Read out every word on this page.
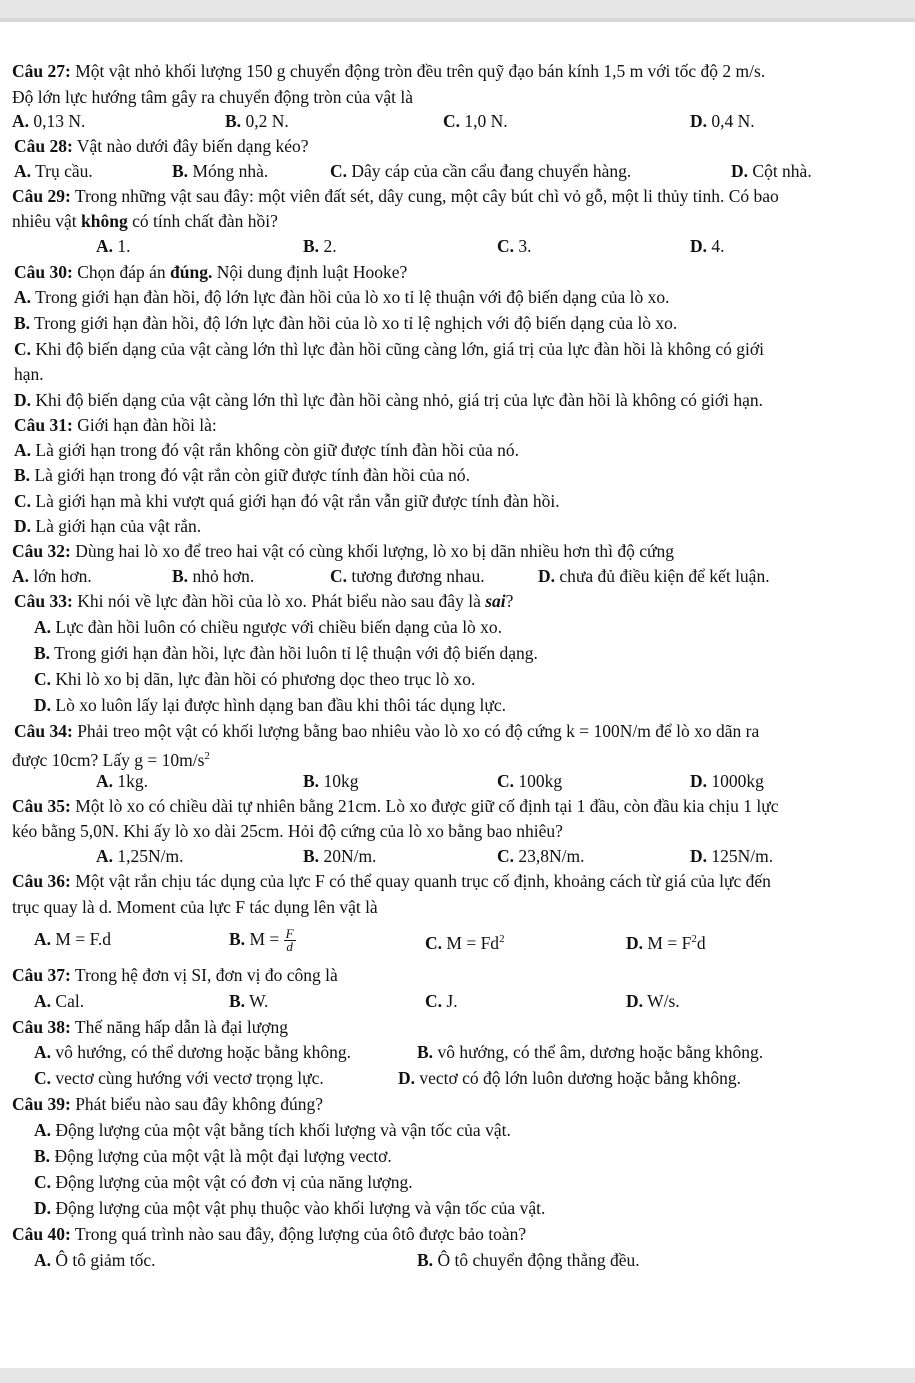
Câu 27: Một vật nhỏ khối lượng 150 g chuyển động tròn đều trên quỹ đạo bán kính 1,5 m với tốc độ 2 m/s.
Độ lớn lực hướng tâm gây ra chuyển động tròn của vật là
A. 0,13 N.	B. 0,2 N.	C. 1,0 N.	D. 0,4 N.
Câu 28: Vật nào dưới đây biến dạng kéo?
A. Trụ cầu.	B. Móng nhà.	C. Dây cáp của cần cẩu đang chuyển hàng.	D. Cột nhà.
Câu 29: Trong những vật sau đây: một viên đất sét, dây cung, một cây bút chì vỏ gỗ, một li thủy tinh. Có bao
nhiêu vật không có tính chất đàn hồi?
A. 1.	B. 2.	C. 3.	D. 4.
Câu 30: Chọn đáp án đúng. Nội dung định luật Hooke?
A. Trong giới hạn đàn hồi, độ lớn lực đàn hồi của lò xo tỉ lệ thuận với độ biến dạng của lò xo.
B. Trong giới hạn đàn hồi, độ lớn lực đàn hồi của lò xo tỉ lệ nghịch với độ biến dạng của lò xo.
C. Khi độ biến dạng của vật càng lớn thì lực đàn hồi cũng càng lớn, giá trị của lực đàn hồi là không có giới
hạn.
D. Khi độ biến dạng của vật càng lớn thì lực đàn hồi càng nhỏ, giá trị của lực đàn hồi là không có giới hạn.
Câu 31: Giới hạn đàn hồi là:
A. Là giới hạn trong đó vật rắn không còn giữ được tính đàn hồi của nó.
B. Là giới hạn trong đó vật rắn còn giữ được tính đàn hồi của nó.
C. Là giới hạn mà khi vượt quá giới hạn đó vật rắn vẫn giữ được tính đàn hồi.
D. Là giới hạn của vật rắn.
Câu 32: Dùng hai lò xo để treo hai vật có cùng khối lượng, lò xo bị dãn nhiều hơn thì độ cứng
A. lớn hơn.	B. nhỏ hơn.	C. tương đương nhau.	D. chưa đủ điều kiện để kết luận.
Câu 33: Khi nói về lực đàn hồi của lò xo. Phát biểu nào sau đây là sai?
A. Lực đàn hồi luôn có chiều ngược với chiều biến dạng của lò xo.
B. Trong giới hạn đàn hồi, lực đàn hồi luôn tỉ lệ thuận với độ biến dạng.
C. Khi lò xo bị dãn, lực đàn hồi có phương dọc theo trục lò xo.
D. Lò xo luôn lấy lại được hình dạng ban đầu khi thôi tác dụng lực.
Câu 34: Phải treo một vật có khối lượng bằng bao nhiêu vào lò xo có độ cứng k = 100N/m để lò xo dãn ra
được 10cm? Lấy $g = 10m/s^2$
A. 1kg.	B. 10kg	C. 100kg	D. 1000kg
Câu 35: Một lò xo có chiều dài tự nhiên bằng 21cm. Lò xo được giữ cố định tại 1 đầu, còn đầu kia chịu 1 lực
kéo bằng 5,0N. Khi ấy lò xo dài 25cm. Hỏi độ cứng của lò xo bằng bao nhiêu?
A. 1,25N/m.	B. 20N/m.	C. 23,8N/m.	D. 125N/m.
Câu 36: Một vật rắn chịu tác dụng của lực F có thể quay quanh trục cố định, khoảng cách từ giá của lực đến
trục quay là d. Moment của lực F tác dụng lên vật là
A. M = F.d	B. $M = \frac{F}{d}$	C. $M = Fd^2$	D. $M = F^2d$
Câu 37: Trong hệ đơn vị SI, đơn vị đo công là
A. Cal.	B. W.	C. J.	D. W/s.
Câu 38: Thế năng hấp dẫn là đại lượng
A. vô hướng, có thể dương hoặc bằng không.	B. vô hướng, có thể âm, dương hoặc bằng không.
C. vectơ cùng hướng với vectơ trọng lực.	D. vectơ có độ lớn luôn dương hoặc bằng không.
Câu 39: Phát biểu nào sau đây không đúng?
A. Động lượng của một vật bằng tích khối lượng và vận tốc của vật.
B. Động lượng của một vật là một đại lượng vectơ.
C. Động lượng của một vật có đơn vị của năng lượng.
D. Động lượng của một vật phụ thuộc vào khối lượng và vận tốc của vật.
Câu 40: Trong quá trình nào sau đây, động lượng của ôtô được bảo toàn?
A. Ô tô giảm tốc.	B. Ô tô chuyển động thẳng đều.
